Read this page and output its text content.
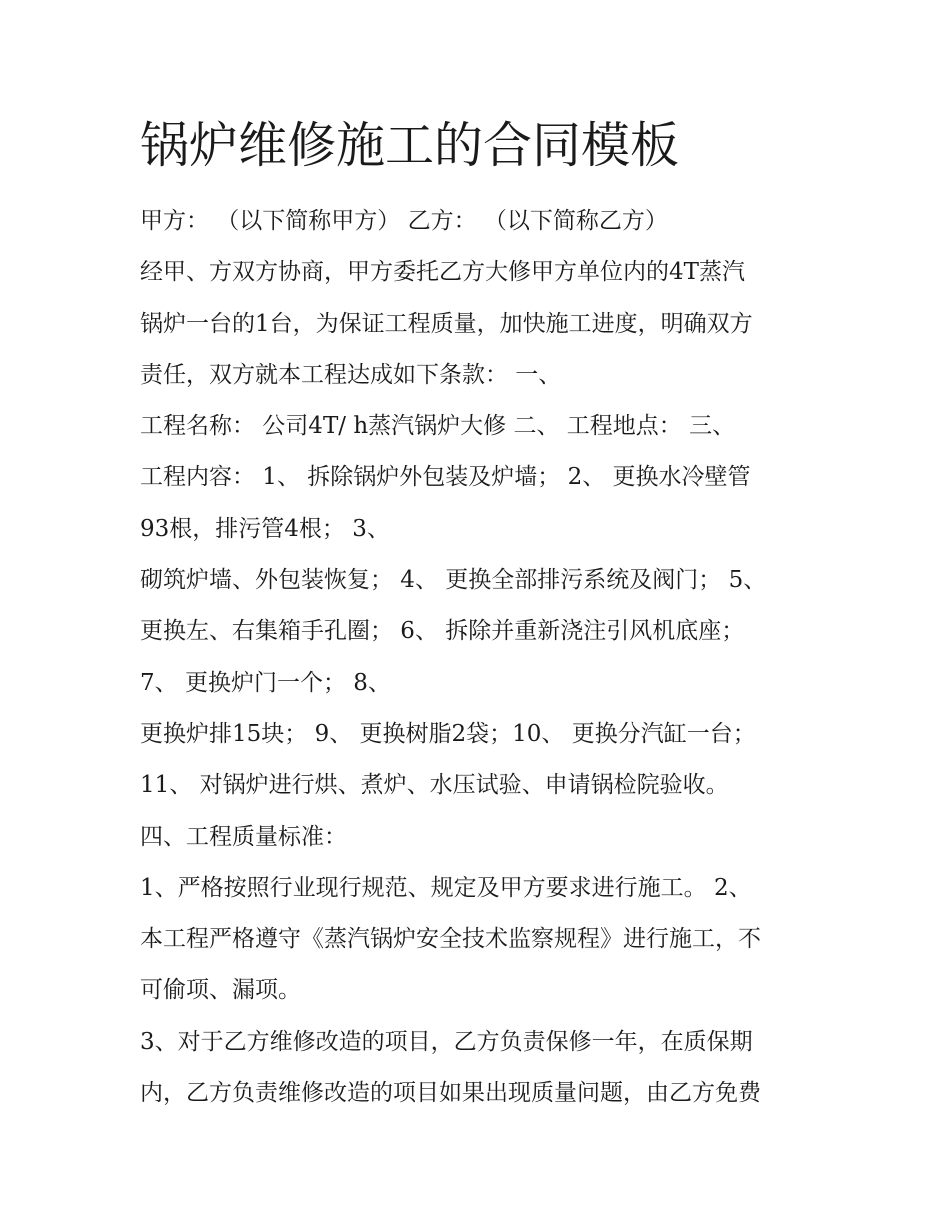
锅炉维修施工的合同模板
甲方： （以下简称甲方） 乙方： （以下简称乙方）
经甲、方双方协商，甲方委托乙方大修甲方单位内的4T蒸汽
锅炉一台的1台，为保证工程质量，加快施工进度，明确双方
责任，双方就本工程达成如下条款： 一、
工程名称： 公司4T/ h蒸汽锅炉大修 二、 工程地点： 三、
工程内容： 1、 拆除锅炉外包装及炉墙； 2、 更换水冷壁管
93根，排污管4根； 3、
砌筑炉墙、外包装恢复； 4、 更换全部排污系统及阀门； 5、
更换左、右集箱手孔圈； 6、 拆除并重新浇注引风机底座；
7、 更换炉门一个； 8、
更换炉排15块； 9、 更换树脂2袋；10、 更换分汽缸一台；
11、 对锅炉进行烘、煮炉、水压试验、申请锅检院验收。
四、工程质量标准：
1、严格按照行业现行规范、规定及甲方要求进行施工。 2、
本工程严格遵守《蒸汽锅炉安全技术监察规程》进行施工，不
可偷项、漏项。
3、对于乙方维修改造的项目，乙方负责保修一年，在质保期
内，乙方负责维修改造的项目如果出现质量问题，由乙方免费
